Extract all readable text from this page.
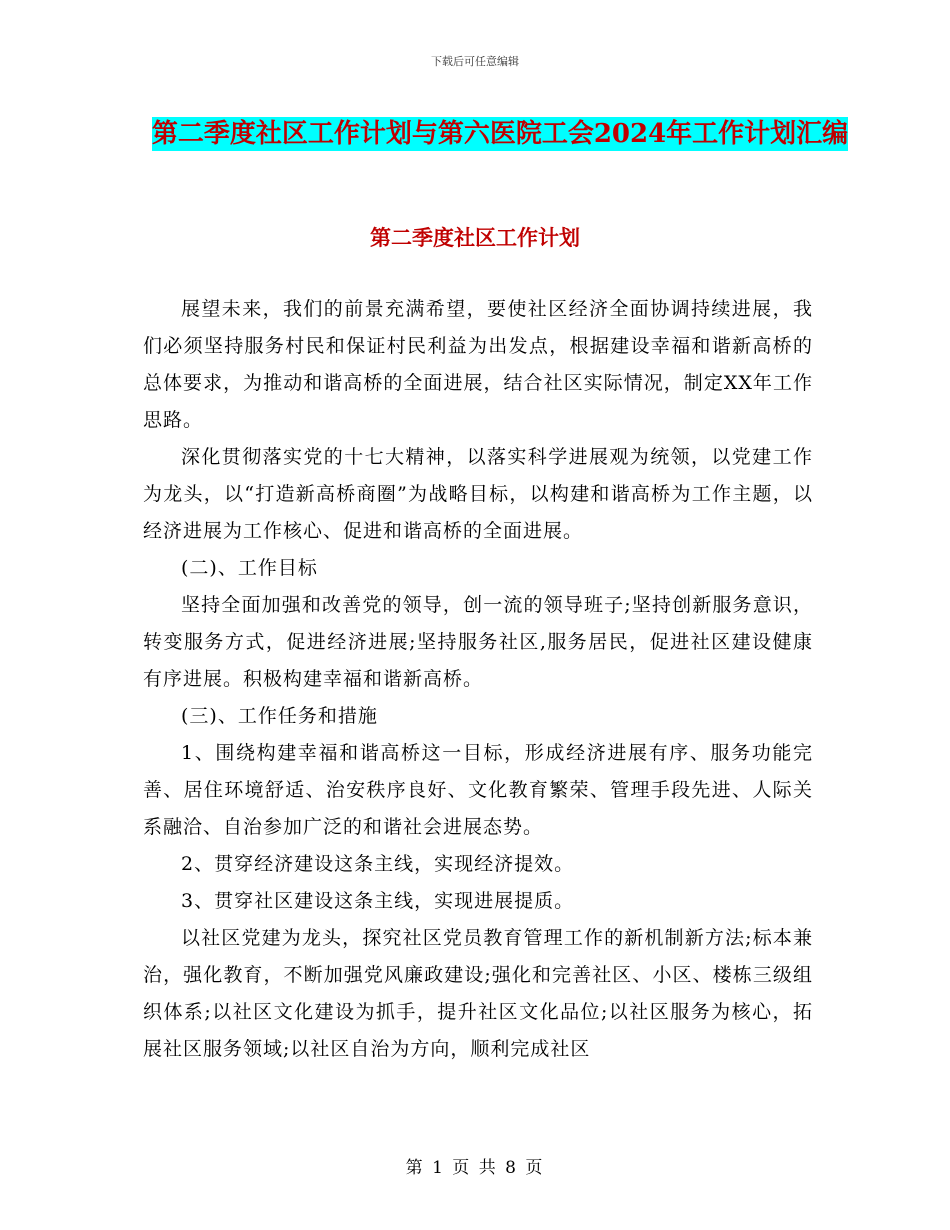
下载后可任意编辑
第二季度社区工作计划与第六医院工会2024年工作计划汇编
第二季度社区工作计划

展望未来，我们的前景充满希望，要使社区经济全面协调持续进展，我们必须坚持服务村民和保证村民利益为出发点，根据建设幸福和谐新高桥的总体要求，为推动和谐高桥的全面进展，结合社区实际情况，制定XX年工作思路。

深化贯彻落实党的十七大精神，以落实科学进展观为统领，以党建工作为龙头，以“打造新高桥商圈”为战略目标，以构建和谐高桥为工作主题，以经济进展为工作核心、促进和谐高桥的全面进展。

(二)、工作目标

坚持全面加强和改善党的领导，创一流的领导班子;坚持创新服务意识，转变服务方式，促进经济进展;坚持服务社区,服务居民，促进社区建设健康有序进展。积极构建幸福和谐新高桥。

(三)、工作任务和措施

1、围绕构建幸福和谐高桥这一目标，形成经济进展有序、服务功能完善、居住环境舒适、治安秩序良好、文化教育繁荣、管理手段先进、人际关系融洽、自治参加广泛的和谐社会进展态势。

2、贯穿经济建设这条主线，实现经济提效。

3、贯穿社区建设这条主线，实现进展提质。

以社区党建为龙头，探究社区党员教育管理工作的新机制新方法;标本兼治，强化教育，不断加强党风廉政建设;强化和完善社区、小区、楼栋三级组织体系;以社区文化建设为抓手，提升社区文化品位;以社区服务为核心，拓展社区服务领域;以社区自治为方向，顺利完成社区

第 1 页 共 8 页
